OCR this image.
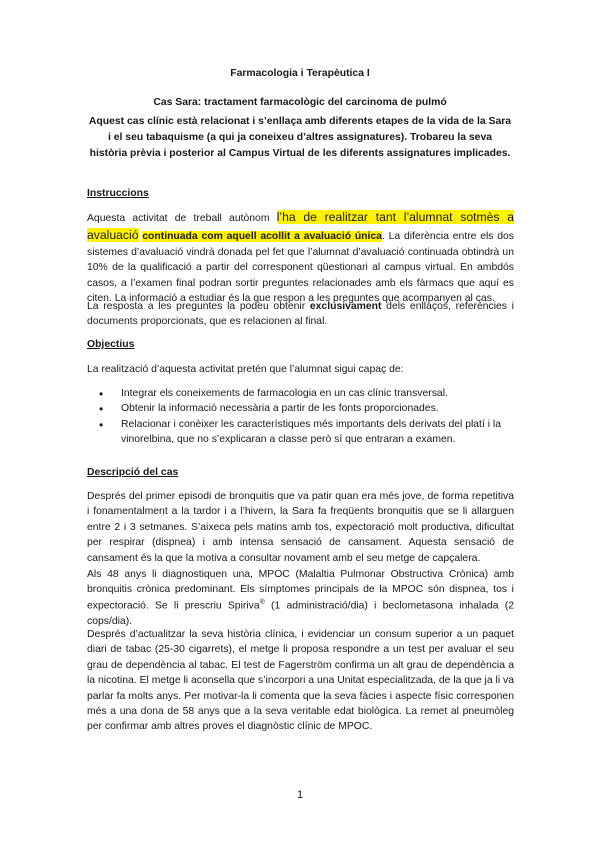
Farmacologia i Terapèutica I

Cas Sara: tractament farmacològic del carcinoma de pulmó

Aquest cas clínic està relacionat i s’enllaça amb diferents etapes de la vida de la Sara i el seu tabaquisme (a qui ja coneixeu d’altres assignatures). Trobareu la seva història prèvia i posterior al Campus Virtual de les diferents assignatures implicades.

Instruccions

Aquesta activitat de treball autònom l’ha de realitzar tant l’alumnat sotmès a avaluació continuada com aquell acollit a avaluació única. La diferència entre els dos sistemes d’avaluació vindrà donada pel fet que l’alumnat d’avaluació continuada obtindrà un 10% de la qualificació a partir del corresponent qüestionari al campus virtual. En ambdós casos, a l’examen final podran sortir preguntes relacionades amb els fàrmacs que aquí es citen. La informació a estudiar és la que respon a les preguntes que acompanyen al cas.

La resposta a les preguntes la podeu obtenir exclusivament dels enllaços, referències i documents proporcionats, que es relacionen al final.

Objectius

La realització d’aquesta activitat pretén que l’alumnat sigui capaç de:

• Integrar els coneixements de farmacologia en un cas clínic transversal.
• Obtenir la informació necessària a partir de les fonts proporcionades.
• Relacionar i conèixer les característiques més importants dels derivats del platí i la vinorelbina, que no s’explicaran a classe però sí que entraran a examen.

Descripció del cas

Després del primer episodi de bronquitis que va patir quan era més jove, de forma repetitiva i fonamentalment a la tardor i a l’hivern, la Sara fa freqüents bronquitis que se li allarguen entre 2 i 3 setmanes. S’aixeca pels matins amb tos, expectoració molt productiva, dificultat per respirar (dispnea) i amb intensa sensació de cansament. Aquesta sensació de cansament és la que la motiva a consultar novament amb el seu metge de capçalera.

Als 48 anys li diagnostiquen una, MPOC (Malaltia Pulmonar Obstructiva Crònica) amb bronquitis crònica predominant. Els símptomes principals de la MPOC són dispnea, tos i expectoració. Se li prescriu Spiriva® (1 administració/dia) i beclometasona inhalada (2 cops/dia).

Després d’actualitzar la seva història clínica, i evidenciar un consum superior a un paquet diari de tabac (25-30 cigarrets), el metge li proposa respondre a un test per avaluar el seu grau de dependència al tabac. El test de Fagerström confirma un alt grau de dependència a la nicotina. El metge li aconsella que s’incorpori a una Unitat especialitzada, de la que ja li va parlar fa molts anys. Per motivar-la li comenta que la seva fàcies i aspecte físic corresponen més a una dona de 58 anys que a la seva veritable edat biològica. La remet al pneumòleg per confirmar amb altres proves el diagnòstic clínic de MPOC.

1
